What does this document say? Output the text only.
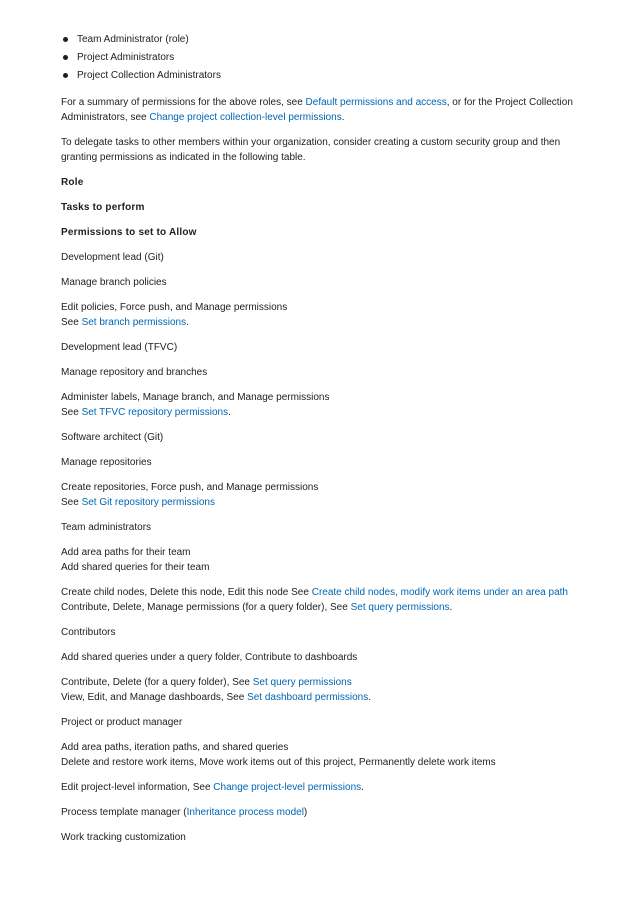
Team Administrator (role)
Project Administrators
Project Collection Administrators

For a summary of permissions for the above roles, see Default permissions and access, or for the Project Collection Administrators, see Change project collection-level permissions.

To delegate tasks to other members within your organization, consider creating a custom security group and then granting permissions as indicated in the following table.

Role

Tasks to perform

Permissions to set to Allow

Development lead (Git)

Manage branch policies

Edit policies, Force push, and Manage permissions
See Set branch permissions.

Development lead (TFVC)

Manage repository and branches

Administer labels, Manage branch, and Manage permissions
See Set TFVC repository permissions.

Software architect (Git)

Manage repositories

Create repositories, Force push, and Manage permissions
See Set Git repository permissions

Team administrators

Add area paths for their team
Add shared queries for their team

Create child nodes, Delete this node, Edit this node See Create child nodes, modify work items under an area path
Contribute, Delete, Manage permissions (for a query folder), See Set query permissions.

Contributors

Add shared queries under a query folder, Contribute to dashboards

Contribute, Delete (for a query folder), See Set query permissions
View, Edit, and Manage dashboards, See Set dashboard permissions.

Project or product manager

Add area paths, iteration paths, and shared queries
Delete and restore work items, Move work items out of this project, Permanently delete work items

Edit project-level information, See Change project-level permissions.

Process template manager (Inheritance process model)

Work tracking customization
